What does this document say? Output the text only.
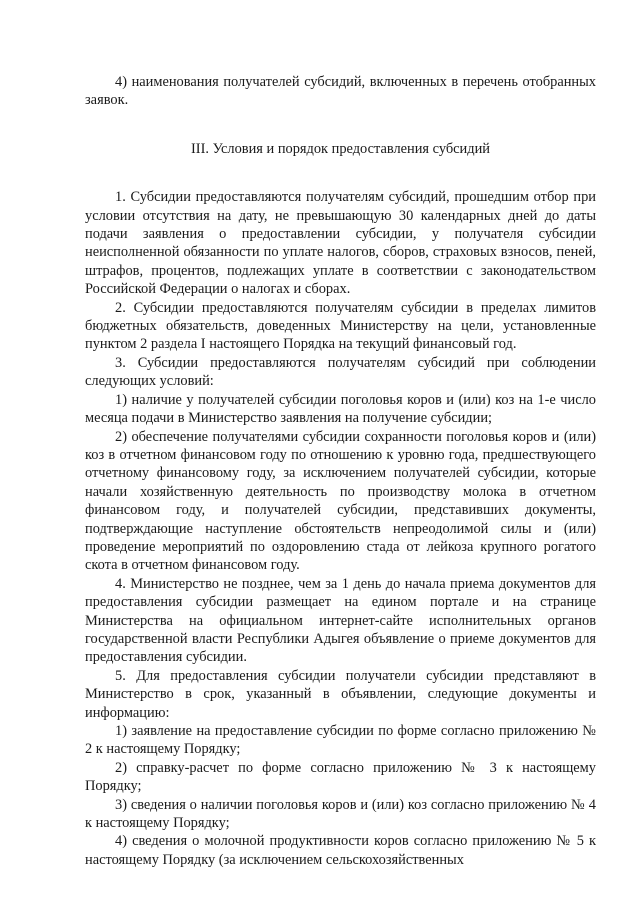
4) наименования получателей субсидий, включенных в перечень отобранных заявок.

III. Условия и порядок предоставления субсидий

1. Субсидии предоставляются получателям субсидий, прошедшим отбор при условии отсутствия на дату, не превышающую 30 календарных дней до даты подачи заявления о предоставлении субсидии, у получателя субсидии неисполненной обязанности по уплате налогов, сборов, страховых взносов, пеней, штрафов, процентов, подлежащих уплате в соответствии с законодательством Российской Федерации о налогах и сборах.

2. Субсидии предоставляются получателям субсидии в пределах лимитов бюджетных обязательств, доведенных Министерству на цели, установленные пунктом 2 раздела I настоящего Порядка на текущий финансовый год.

3. Субсидии предоставляются получателям субсидий при соблюдении следующих условий:

1) наличие у получателей субсидии поголовья коров и (или) коз на 1-е число месяца подачи в Министерство заявления на получение субсидии;

2) обеспечение получателями субсидии сохранности поголовья коров и (или) коз в отчетном финансовом году по отношению к уровню года, предшествующего отчетному финансовому году, за исключением получателей субсидии, которые начали хозяйственную деятельность по производству молока в отчетном финансовом году, и получателей субсидии, представивших документы, подтверждающие наступление обстоятельств непреодолимой силы и (или) проведение мероприятий по оздоровлению стада от лейкоза крупного рогатого скота в отчетном финансовом году.

4. Министерство не позднее, чем за 1 день до начала приема документов для предоставления субсидии размещает на едином портале и на странице Министерства на официальном интернет-сайте исполнительных органов государственной власти Республики Адыгея объявление о приеме документов для предоставления субсидии.

5. Для предоставления субсидии получатели субсидии представляют в Министерство в срок, указанный в объявлении, следующие документы и информацию:

1) заявление на предоставление субсидии по форме согласно приложению № 2 к настоящему Порядку;

2) справку-расчет по форме согласно приложению № 3 к настоящему Порядку;

3) сведения о наличии поголовья коров и (или) коз согласно приложению № 4 к настоящему Порядку;

4) сведения о молочной продуктивности коров согласно приложению № 5 к настоящему Порядку (за исключением сельскохозяйственных
